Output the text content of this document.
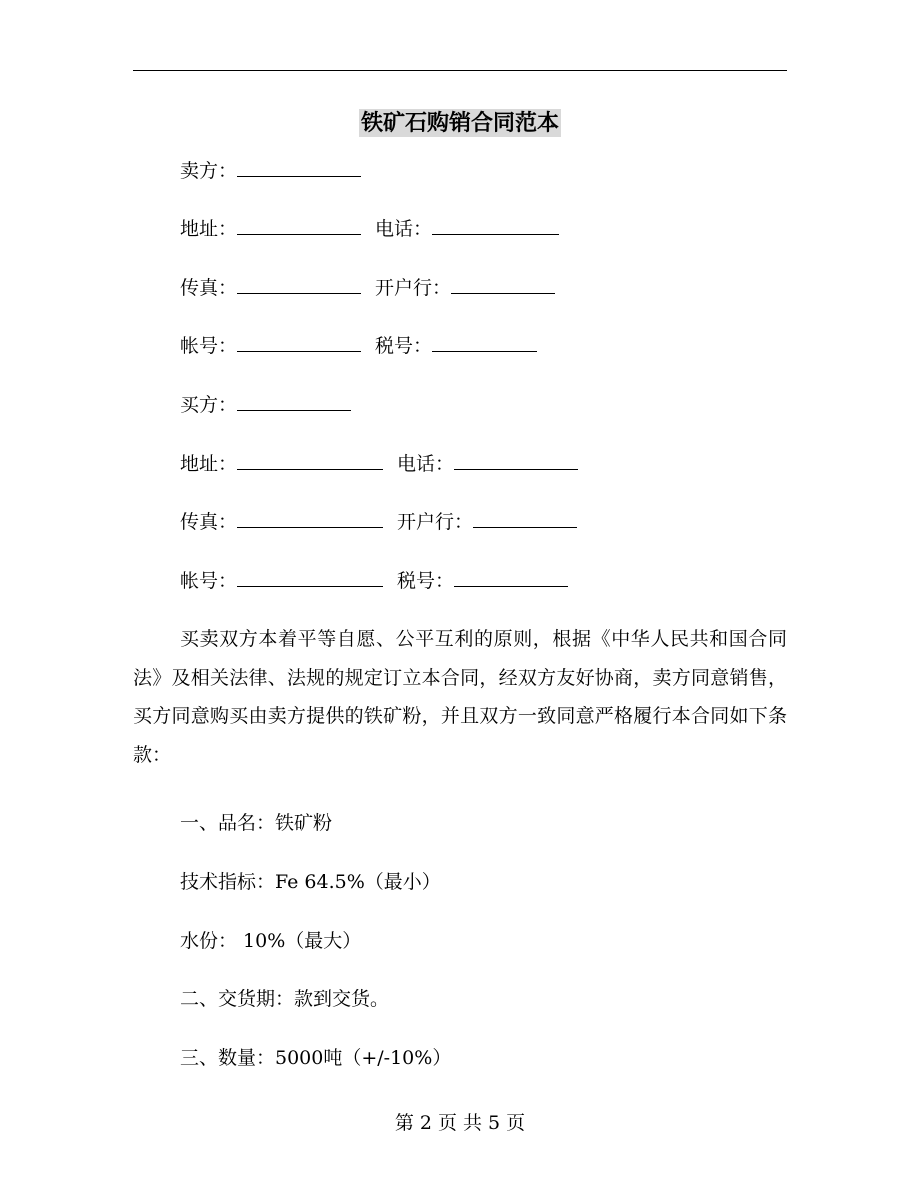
铁矿石购销合同范本
卖方：
地址：	电话：
传真：	开户行：
帐号：	税号：
买方：
地址：	电话：
传真：	开户行：
帐号：	税号：
买卖双方本着平等自愿、公平互利的原则，根据《中华人民共和国合同法》及相关法律、法规的规定订立本合同，经双方友好协商，卖方同意销售，买方同意购买由卖方提供的铁矿粉，并且双方一致同意严格履行本合同如下条款：
一、品名：铁矿粉
技术指标：Fe 64.5%（最小）
水份： 10%（最大）
二、交货期：款到交货。
三、数量：5000吨（+/-10%）
第 2 页 共 5 页
